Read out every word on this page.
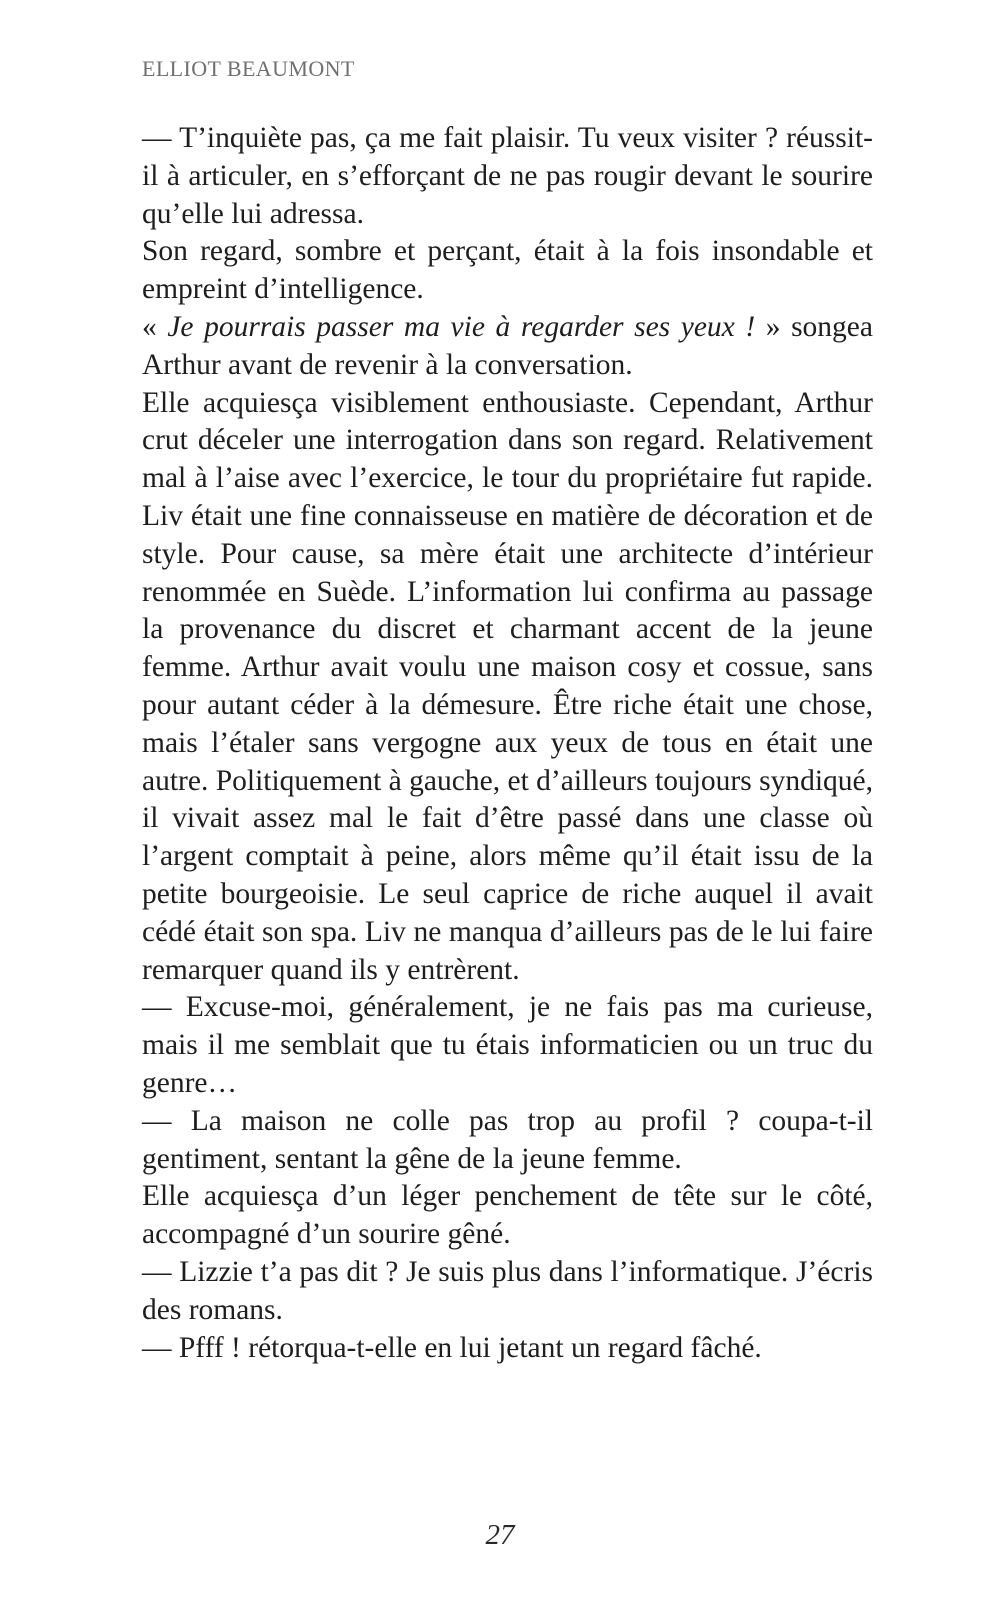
ELLIOT BEAUMONT

— T’inquiète pas, ça me fait plaisir. Tu veux visiter ? réussit-il à articuler, en s’efforçant de ne pas rougir devant le sourire qu’elle lui adressa.

Son regard, sombre et perçant, était à la fois insondable et empreint d’intelligence.

« Je pourrais passer ma vie à regarder ses yeux ! » songea Arthur avant de revenir à la conversation.

Elle acquiesça visiblement enthousiaste. Cependant, Arthur crut déceler une interrogation dans son regard. Relativement mal à l’aise avec l’exercice, le tour du propriétaire fut rapide. Liv était une fine connaisseuse en matière de décoration et de style. Pour cause, sa mère était une architecte d’intérieur renommée en Suède. L’information lui confirma au passage la provenance du discret et charmant accent de la jeune femme. Arthur avait voulu une maison cosy et cossue, sans pour autant céder à la démesure. Être riche était une chose, mais l’étaler sans vergogne aux yeux de tous en était une autre. Politiquement à gauche, et d’ailleurs toujours syndiqué, il vivait assez mal le fait d’être passé dans une classe où l’argent comptait à peine, alors même qu’il était issu de la petite bourgeoisie. Le seul caprice de riche auquel il avait cédé était son spa. Liv ne manqua d’ailleurs pas de le lui faire remarquer quand ils y entrèrent.

— Excuse-moi, généralement, je ne fais pas ma curieuse, mais il me semblait que tu étais informaticien ou un truc du genre…

— La maison ne colle pas trop au profil ? coupa-t-il gentiment, sentant la gêne de la jeune femme.

Elle acquiesça d’un léger penchement de tête sur le côté, accompagné d’un sourire gêné.

— Lizzie t’a pas dit ? Je suis plus dans l’informatique. J’écris des romans.

— Pfff ! rétorqua-t-elle en lui jetant un regard fâché.

27
